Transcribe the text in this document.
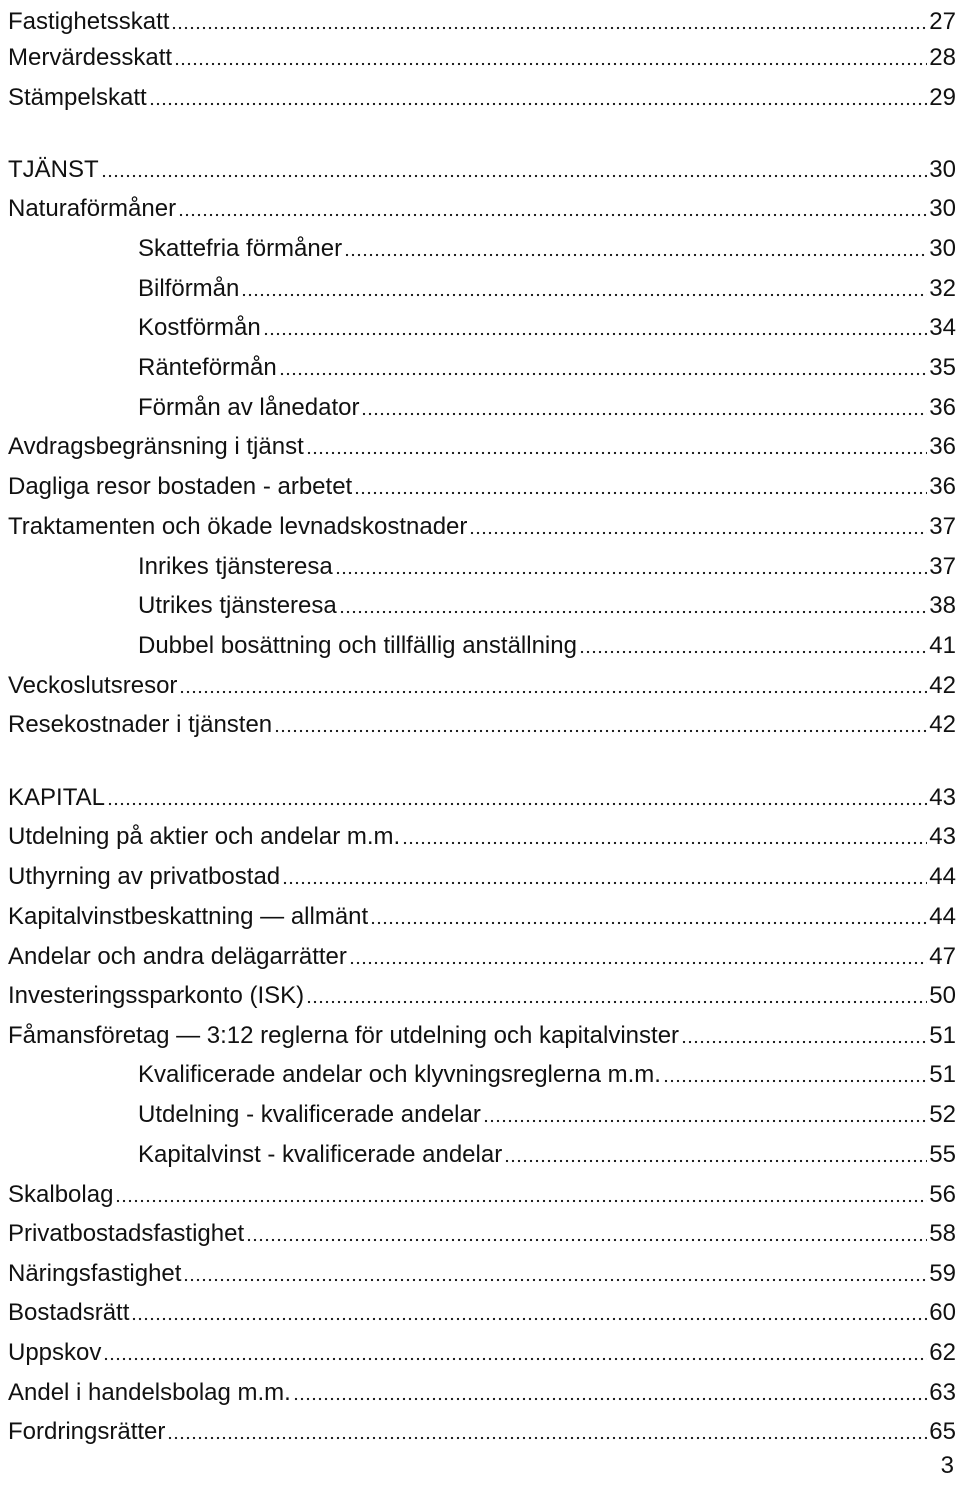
Fastighetsskatt	27
Mervärdesskatt	28
Stämpelskatt	29
TJÄNST	30
Naturaförmåner	30
Skattefria förmåner	30
Bilförmån	32
Kostförmån	34
Ränteförmån	35
Förmån av lånedator	36
Avdragsbegränsning i tjänst	36
Dagliga resor bostaden - arbetet	36
Traktamenten och ökade levnadskostnader	37
Inrikes tjänsteresa	37
Utrikes tjänsteresa	38
Dubbel bosättning och tillfällig anställning	41
Veckoslutsresor	42
Resekostnader i tjänsten	42
KAPITAL	43
Utdelning på aktier och andelar m.m.	43
Uthyrning av privatbostad	44
Kapitalvinstbeskattning — allmänt	44
Andelar och andra delägarrätter	47
Investeringssparkonto (ISK)	50
Fåmansföretag — 3:12 reglerna för utdelning och kapitalvinster	51
Kvalificerade andelar och klyvningsreglerna m.m.	51
Utdelning - kvalificerade andelar	52
Kapitalvinst - kvalificerade andelar	55
Skalbolag	56
Privatbostadsfastighet	58
Näringsfastighet	59
Bostadsrätt	60
Uppskov	62
Andel i handelsbolag m.m.	63
Fordringsrätter	65
3
